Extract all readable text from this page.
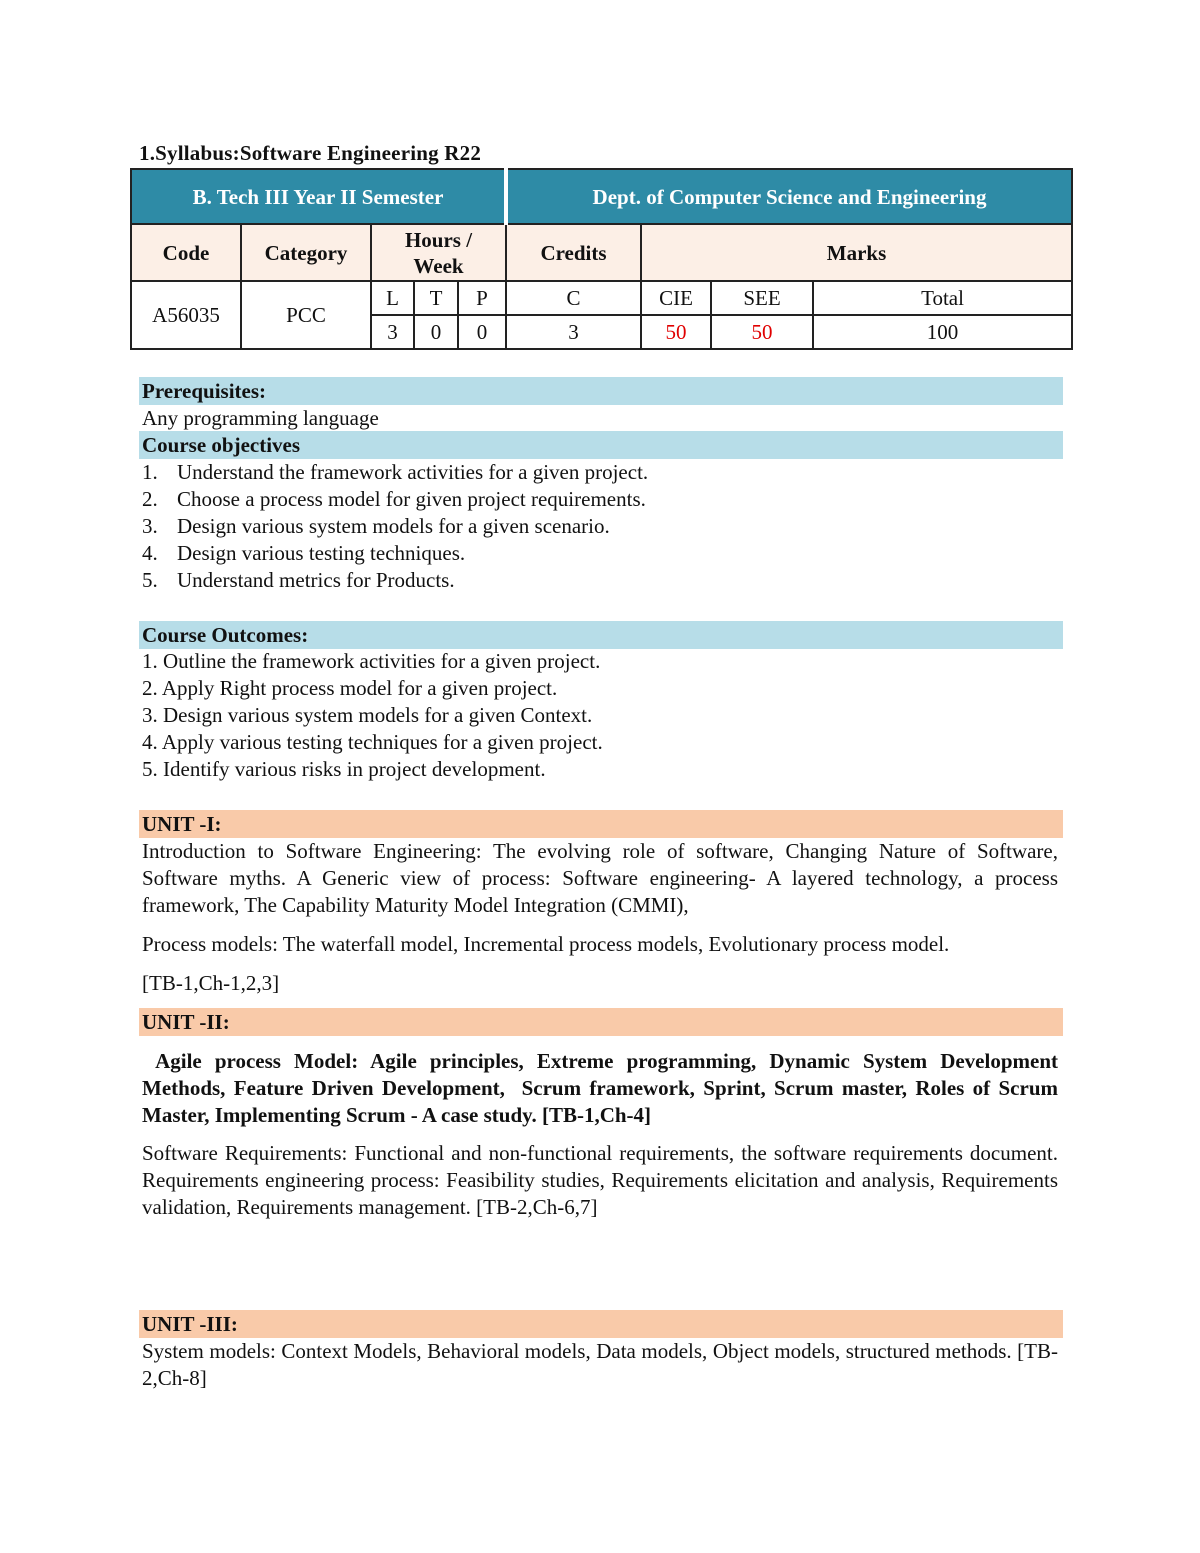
1.Syllabus:Software Engineering R22
B. Tech III Year II Semester					Dept. of Computer Science and Engineering			
Code	Category	Hours / Week			Credits	Marks		
A56035	PCC	L	T	P	C	CIE	SEE	Total
		3	0	0	3	50	50	100
Prerequisites:
Any programming language
Course objectives
1. Understand the framework activities for a given project.
2. Choose a process model for given project requirements.
3. Design various system models for a given scenario.
4. Design various testing techniques.
5. Understand metrics for Products.
Course Outcomes:
1. Outline the framework activities for a given project.
2. Apply Right process model for a given project.
3. Design various system models for a given Context.
4. Apply various testing techniques for a given project.
5. Identify various risks in project development.
UNIT -I:
Introduction to Software Engineering: The evolving role of software, Changing Nature of Software, Software myths. A Generic view of process: Software engineering- A layered technology, a process framework, The Capability Maturity Model Integration (CMMI),
Process models: The waterfall model, Incremental process models, Evolutionary process model.
[TB-1,Ch-1,2,3]
UNIT -II:
Agile process Model: Agile principles, Extreme programming, Dynamic System Development Methods, Feature Driven Development,  Scrum framework, Sprint, Scrum master, Roles of Scrum Master, Implementing Scrum - A case study. [TB-1,Ch-4]
Software Requirements: Functional and non-functional requirements, the software requirements document. Requirements engineering process: Feasibility studies, Requirements elicitation and analysis, Requirements validation, Requirements management. [TB-2,Ch-6,7]
UNIT -III:
System models: Context Models, Behavioral models, Data models, Object models, structured methods. [TB-2,Ch-8]
